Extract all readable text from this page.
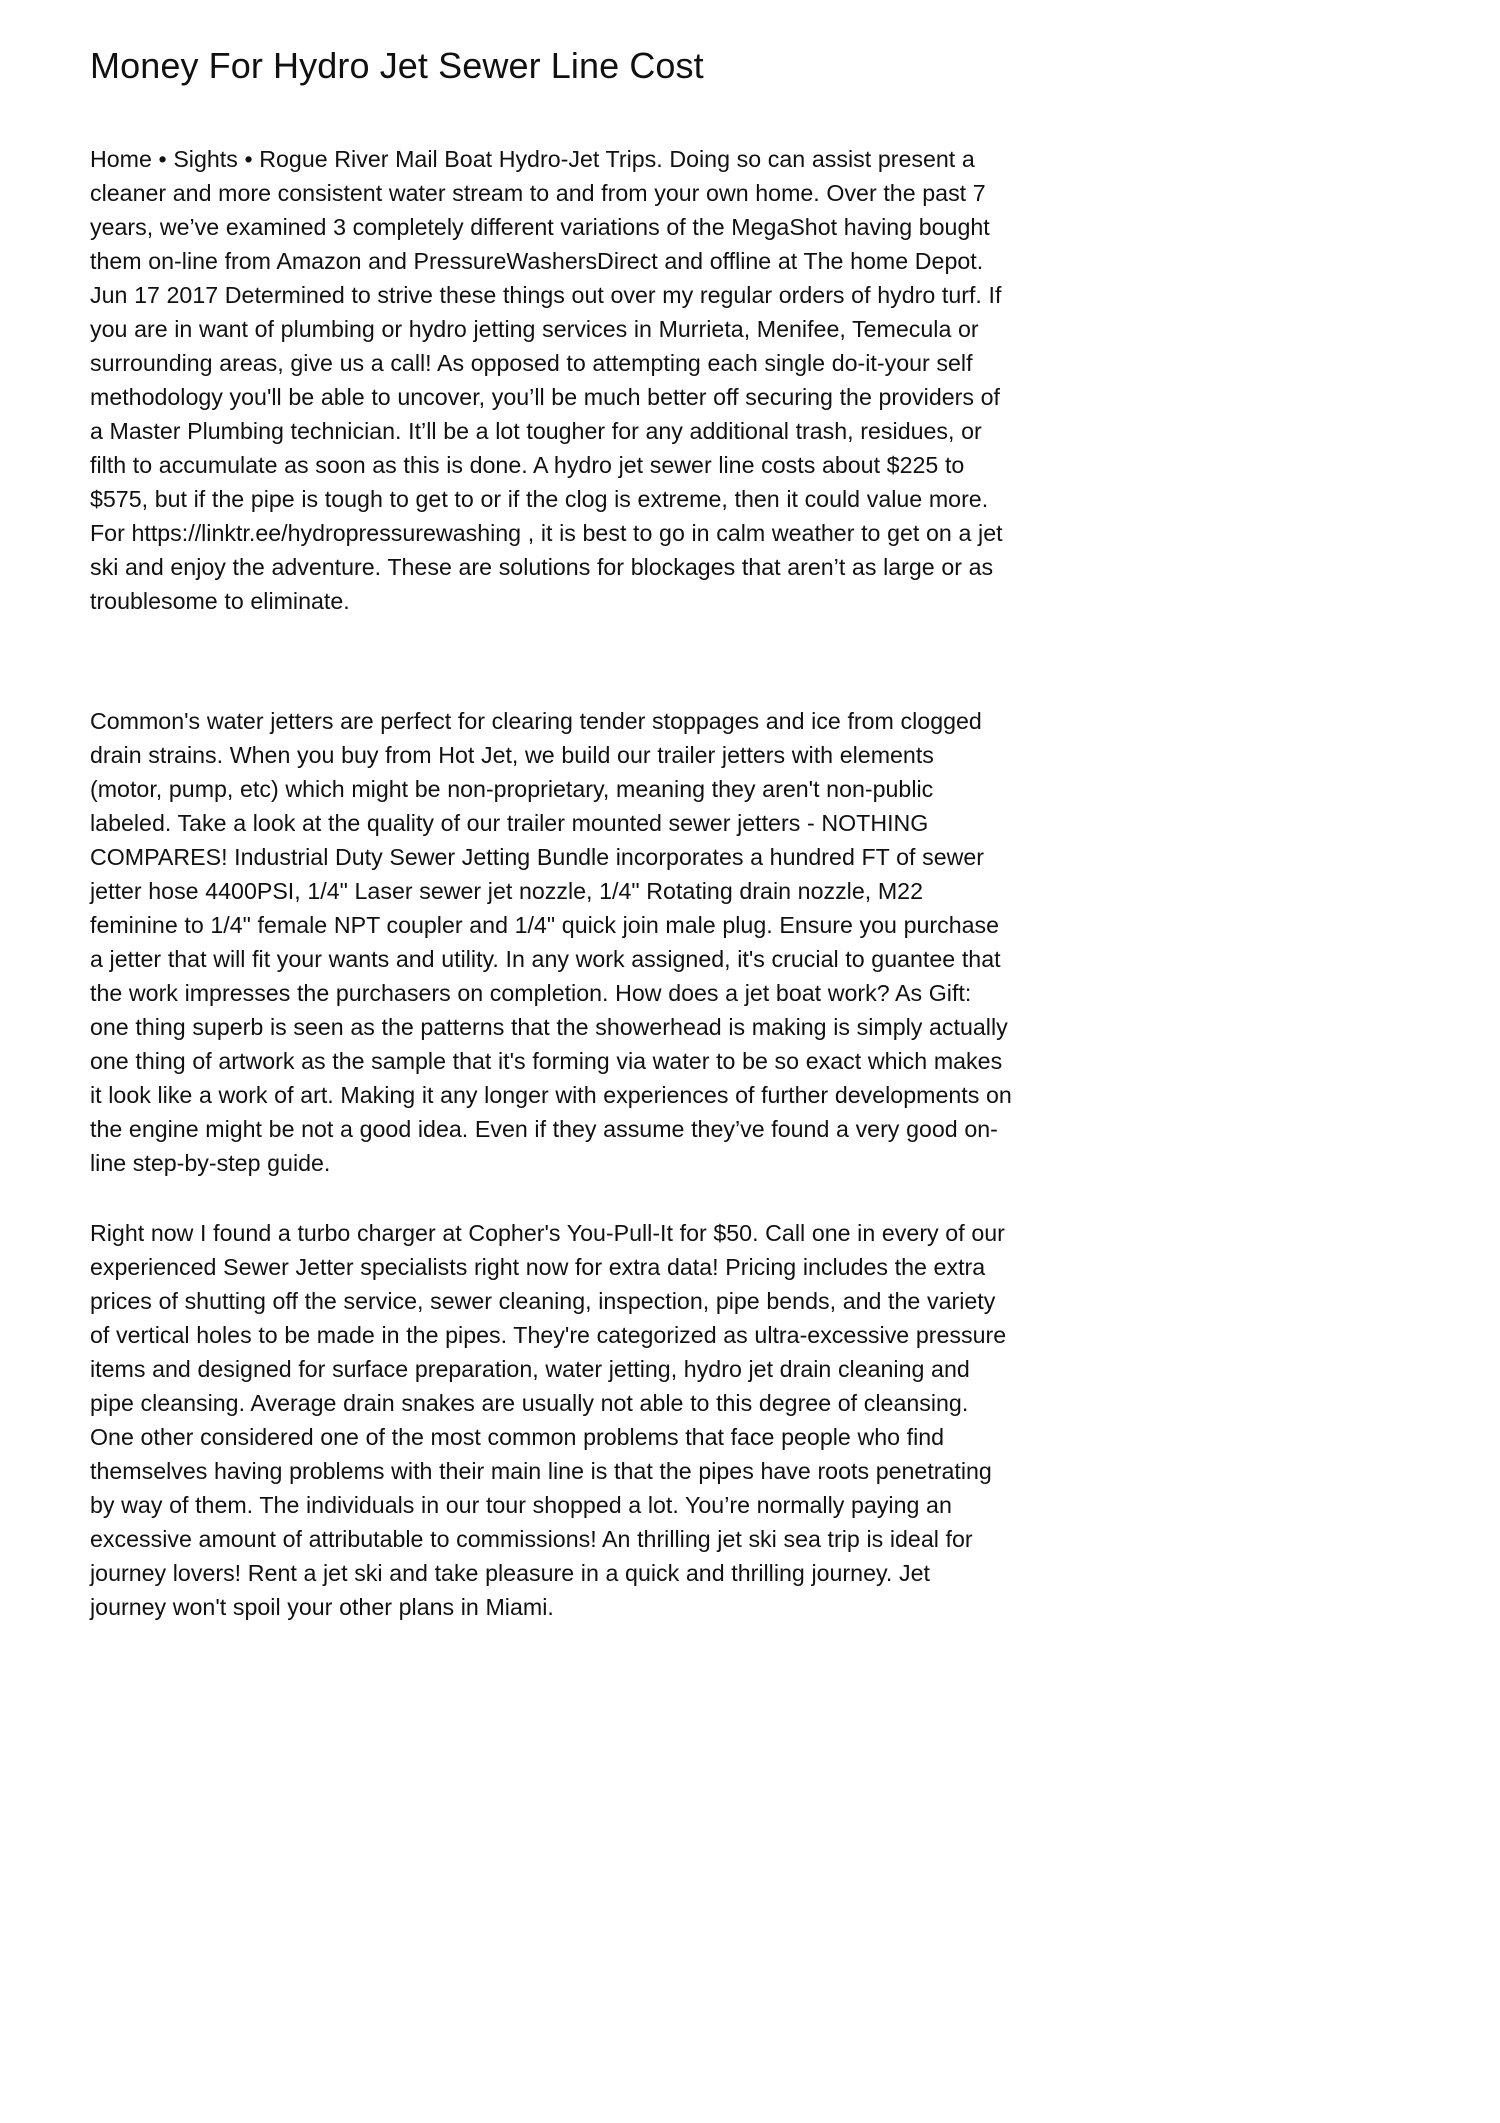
Money For Hydro Jet Sewer Line Cost

Home • Sights • Rogue River Mail Boat Hydro-Jet Trips. Doing so can assist present a cleaner and more consistent water stream to and from your own home. Over the past 7 years, we’ve examined 3 completely different variations of the MegaShot having bought them on-line from Amazon and PressureWashersDirect and offline at The home Depot. Jun 17 2017 Determined to strive these things out over my regular orders of hydro turf. If you are in want of plumbing or hydro jetting services in Murrieta, Menifee, Temecula or surrounding areas, give us a call! As opposed to attempting each single do-it-your self methodology you'll be able to uncover, you’ll be much better off securing the providers of a Master Plumbing technician. It’ll be a lot tougher for any additional trash, residues, or filth to accumulate as soon as this is done. A hydro jet sewer line costs about $225 to $575, but if the pipe is tough to get to or if the clog is extreme, then it could value more. For https://linktr.ee/hydropressurewashing , it is best to go in calm weather to get on a jet ski and enjoy the adventure. These are solutions for blockages that aren’t as large or as troublesome to eliminate.

Common's water jetters are perfect for clearing tender stoppages and ice from clogged drain strains. When you buy from Hot Jet, we build our trailer jetters with elements (motor, pump, etc) which might be non-proprietary, meaning they aren't non-public labeled. Take a look at the quality of our trailer mounted sewer jetters - NOTHING COMPARES! Industrial Duty Sewer Jetting Bundle incorporates a hundred FT of sewer jetter hose 4400PSI, 1/4" Laser sewer jet nozzle, 1/4" Rotating drain nozzle, M22 feminine to 1/4" female NPT coupler and 1/4" quick join male plug. Ensure you purchase a jetter that will fit your wants and utility. In any work assigned, it's crucial to guantee that the work impresses the purchasers on completion. How does a jet boat work? As Gift: one thing superb is seen as the patterns that the showerhead is making is simply actually one thing of artwork as the sample that it's forming via water to be so exact which makes it look like a work of art. Making it any longer with experiences of further developments on the engine might be not a good idea. Even if they assume they’ve found a very good on-line step-by-step guide.

Right now I found a turbo charger at Copher's You-Pull-It for $50. Call one in every of our experienced Sewer Jetter specialists right now for extra data! Pricing includes the extra prices of shutting off the service, sewer cleaning, inspection, pipe bends, and the variety of vertical holes to be made in the pipes. They're categorized as ultra-excessive pressure items and designed for surface preparation, water jetting, hydro jet drain cleaning and pipe cleansing. Average drain snakes are usually not able to this degree of cleansing. One other considered one of the most common problems that face people who find themselves having problems with their main line is that the pipes have roots penetrating by way of them. The individuals in our tour shopped a lot. You’re normally paying an excessive amount of attributable to commissions! An thrilling jet ski sea trip is ideal for journey lovers! Rent a jet ski and take pleasure in a quick and thrilling journey. Jet journey won't spoil your other plans in Miami.
